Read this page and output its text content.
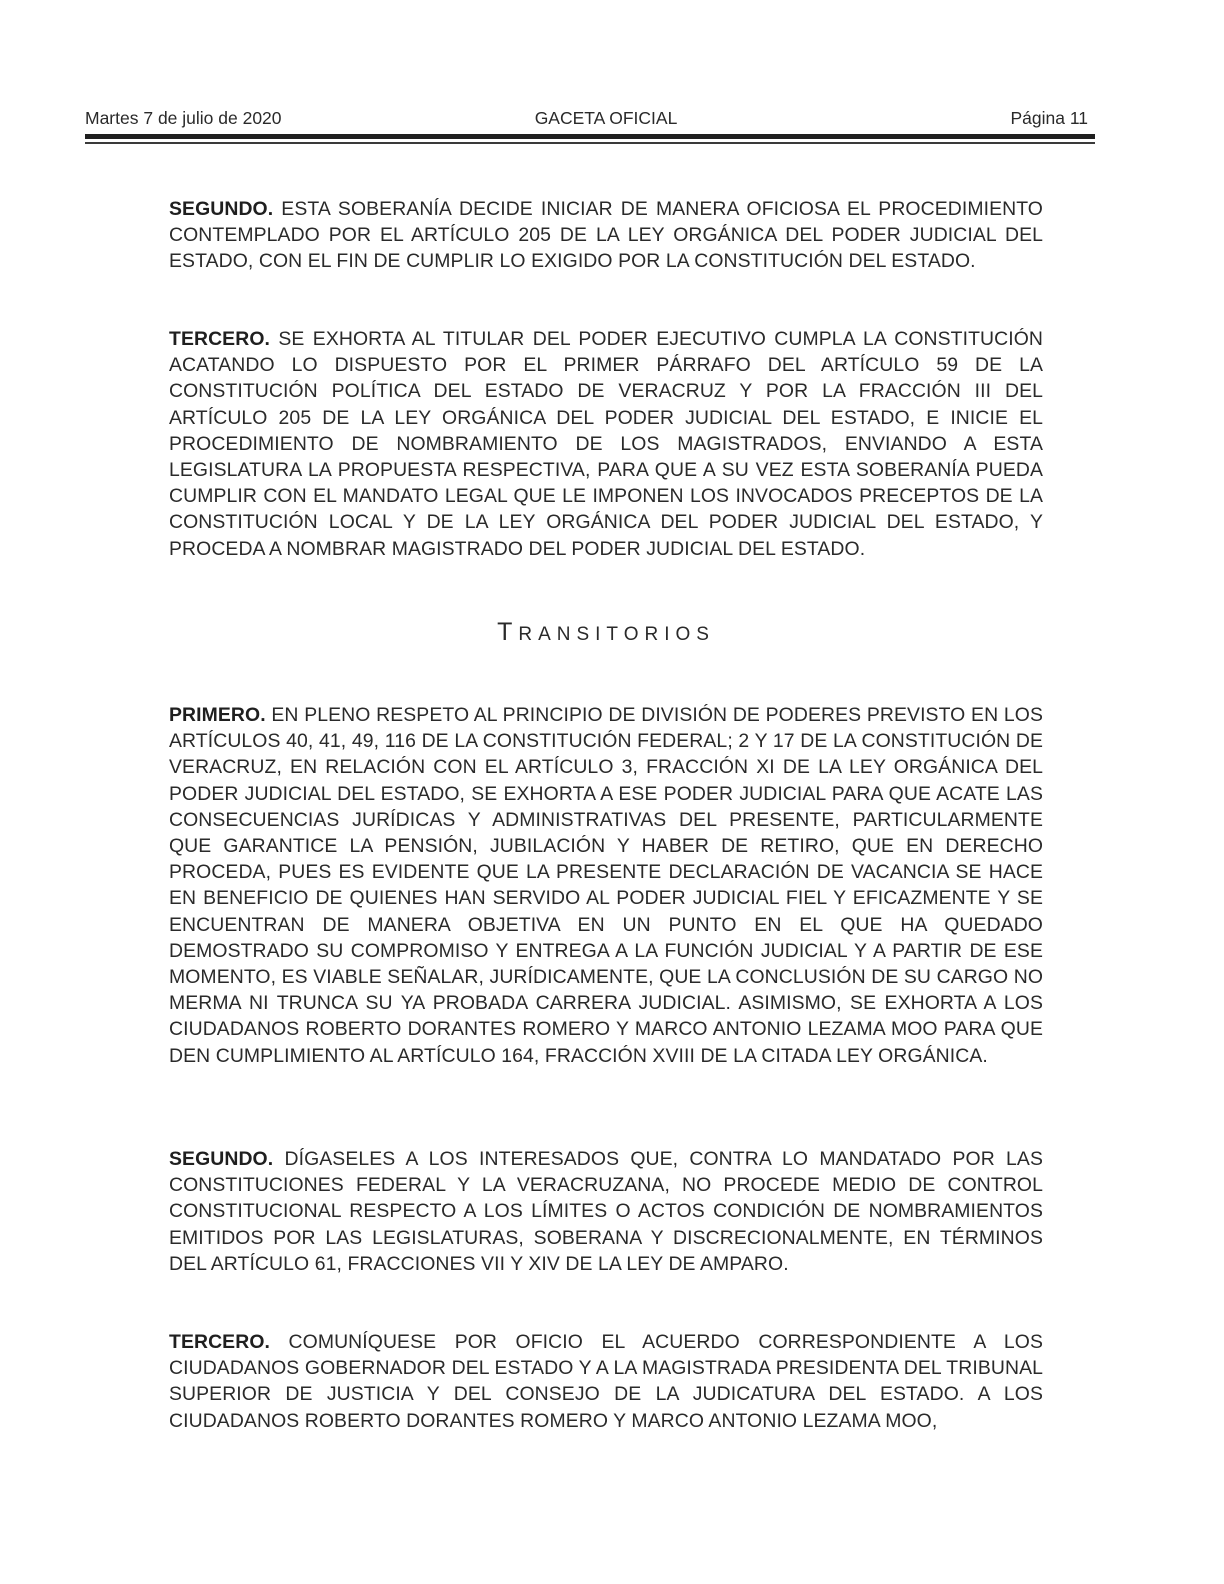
Martes 7 de julio de 2020	GACETA OFICIAL	Página 11

SEGUNDO. ESTA SOBERANÍA DECIDE INICIAR DE MANERA OFICIOSA EL PROCEDIMIENTO CONTEMPLADO POR EL ARTÍCULO 205 DE LA LEY ORGÁNICA DEL PODER JUDICIAL DEL ESTADO, CON EL FIN DE CUMPLIR LO EXIGIDO POR LA CONSTITUCIÓN DEL ESTADO.

TERCERO. SE EXHORTA AL TITULAR DEL PODER EJECUTIVO CUMPLA LA CONSTITUCIÓN ACATANDO LO DISPUESTO POR EL PRIMER PÁRRAFO DEL ARTÍCULO 59 DE LA CONSTITUCIÓN POLÍTICA DEL ESTADO DE VERACRUZ Y POR LA FRACCIÓN III DEL ARTÍCULO 205 DE LA LEY ORGÁNICA DEL PODER JUDICIAL DEL ESTADO, E INICIE EL PROCEDIMIENTO DE NOMBRAMIENTO DE LOS MAGISTRADOS, ENVIANDO A ESTA LEGISLATURA LA PROPUESTA RESPECTIVA, PARA QUE A SU VEZ ESTA SOBERANÍA PUEDA CUMPLIR CON EL MANDATO LEGAL QUE LE IMPONEN LOS INVOCADOS PRECEPTOS DE LA CONSTITUCIÓN LOCAL Y DE LA LEY ORGÁNICA DEL PODER JUDICIAL DEL ESTADO, Y PROCEDA A NOMBRAR MAGISTRADO DEL PODER JUDICIAL DEL ESTADO.

TRANSITORIOS

PRIMERO. EN PLENO RESPETO AL PRINCIPIO DE DIVISIÓN DE PODERES PREVISTO EN LOS ARTÍCULOS 40, 41, 49, 116 DE LA CONSTITUCIÓN FEDERAL; 2 Y 17 DE LA CONSTITUCIÓN DE VERACRUZ, EN RELACIÓN CON EL ARTÍCULO 3, FRACCIÓN XI DE LA LEY ORGÁNICA DEL PODER JUDICIAL DEL ESTADO, SE EXHORTA A ESE PODER JUDICIAL PARA QUE ACATE LAS CONSECUENCIAS JURÍDICAS Y ADMINISTRATIVAS DEL PRESENTE, PARTICULARMENTE QUE GARANTICE LA PENSIÓN, JUBILACIÓN Y HABER DE RETIRO, QUE EN DERECHO PROCEDA, PUES ES EVIDENTE QUE LA PRESENTE DECLARACIÓN DE VACANCIA SE HACE EN BENEFICIO DE QUIENES HAN SERVIDO AL PODER JUDICIAL FIEL Y EFICAZMENTE Y SE ENCUENTRAN DE MANERA OBJETIVA EN UN PUNTO EN EL QUE HA QUEDADO DEMOSTRADO SU COMPROMISO Y ENTREGA A LA FUNCIÓN JUDICIAL Y A PARTIR DE ESE MOMENTO, ES VIABLE SEÑALAR, JURÍDICAMENTE, QUE LA CONCLUSIÓN DE SU CARGO NO MERMA NI TRUNCA SU YA PROBADA CARRERA JUDICIAL. ASIMISMO, SE EXHORTA A LOS CIUDADANOS ROBERTO DORANTES ROMERO Y MARCO ANTONIO LEZAMA MOO PARA QUE DEN CUMPLIMIENTO AL ARTÍCULO 164, FRACCIÓN XVIII DE LA CITADA LEY ORGÁNICA.

SEGUNDO. DÍGASELES A LOS INTERESADOS QUE, CONTRA LO MANDATADO POR LAS CONSTITUCIONES FEDERAL Y LA VERACRUZANA, NO PROCEDE MEDIO DE CONTROL CONSTITUCIONAL RESPECTO A LOS LÍMITES O ACTOS CONDICIÓN DE NOMBRAMIENTOS EMITIDOS POR LAS LEGISLATURAS, SOBERANA Y DISCRECIONALMENTE, EN TÉRMINOS DEL ARTÍCULO 61, FRACCIONES VII Y XIV DE LA LEY DE AMPARO.

TERCERO. COMUNÍQUESE POR OFICIO EL ACUERDO CORRESPONDIENTE A LOS CIUDADANOS GOBERNADOR DEL ESTADO Y A LA MAGISTRADA PRESIDENTA DEL TRIBUNAL SUPERIOR DE JUSTICIA Y DEL CONSEJO DE LA JUDICATURA DEL ESTADO. A LOS CIUDADANOS ROBERTO DORANTES ROMERO Y MARCO ANTONIO LEZAMA MOO,
